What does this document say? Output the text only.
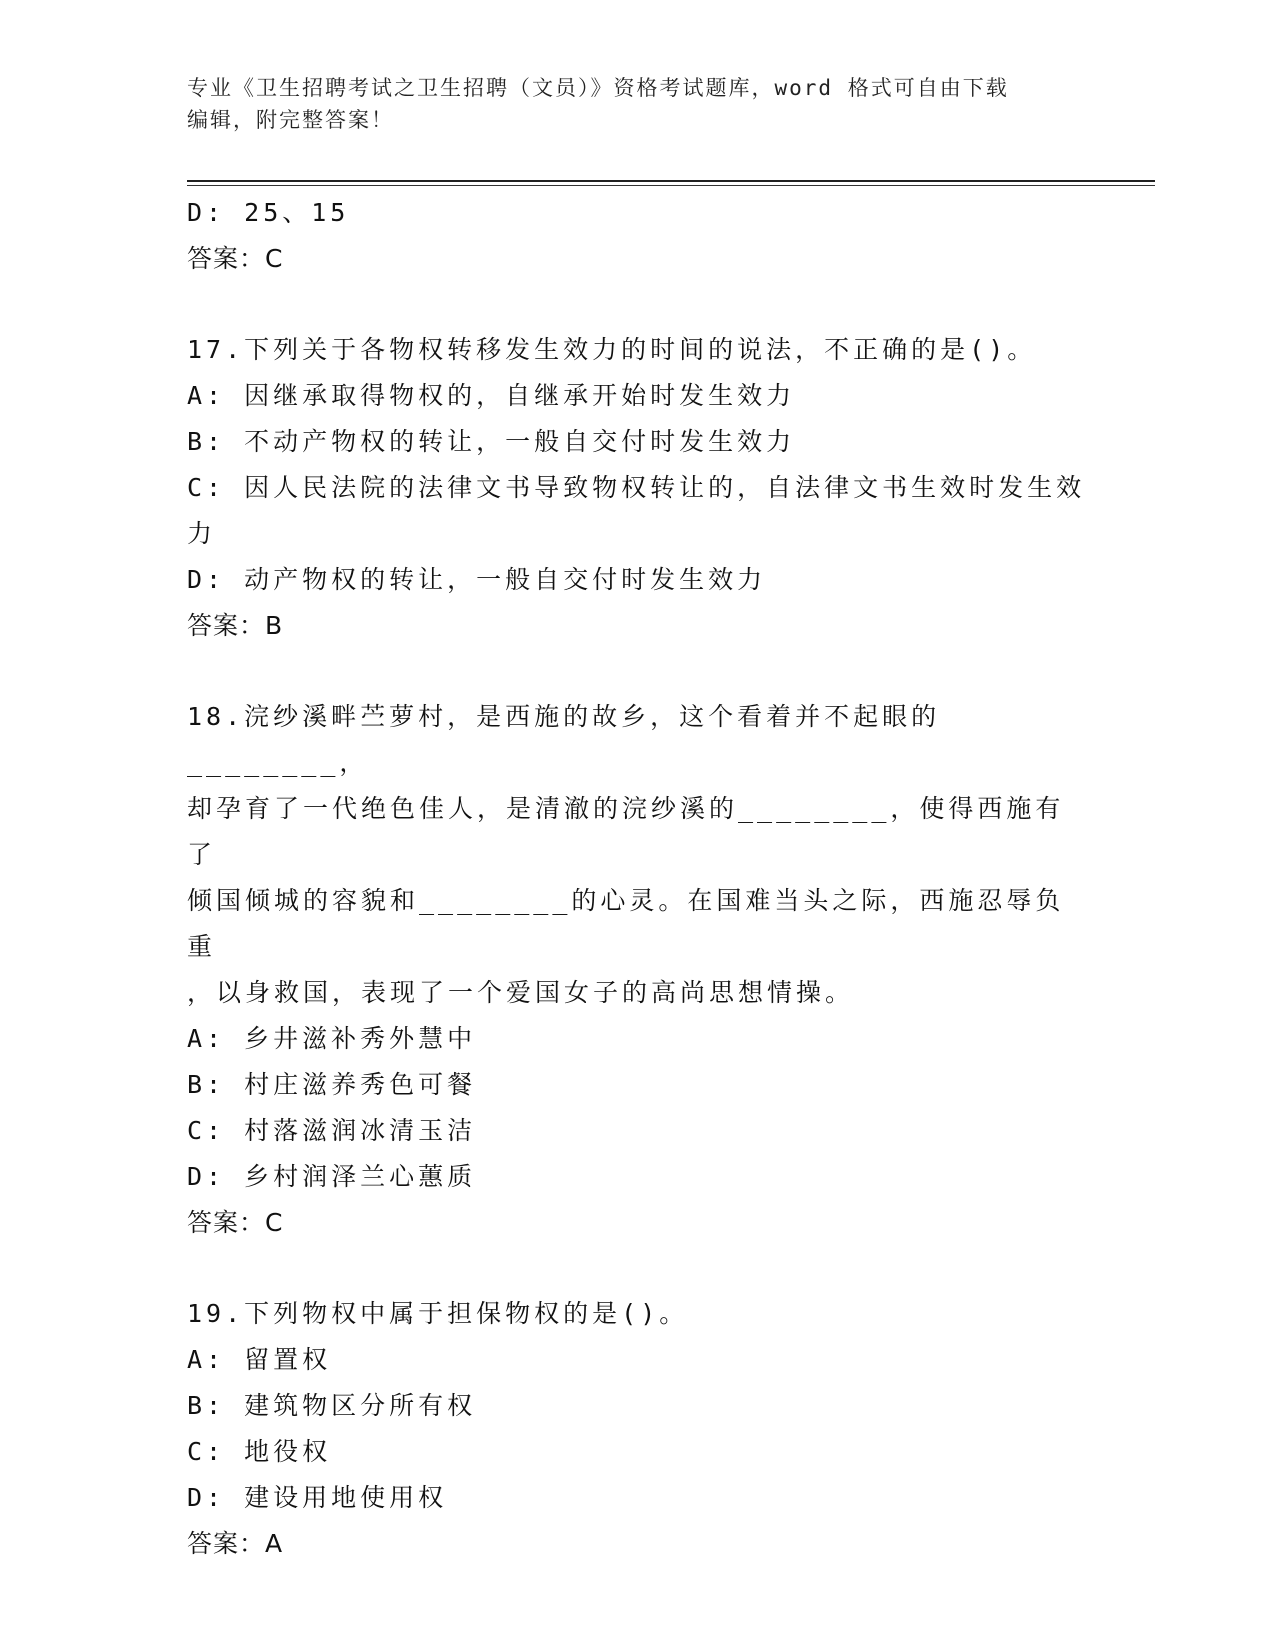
专业《卫生招聘考试之卫生招聘（文员）》资格考试题库，word 格式可自由下载
编辑，附完整答案！
D: 25、15
答案：C
17.下列关于各物权转移发生效力的时间的说法，不正确的是()。
A: 因继承取得物权的，自继承开始时发生效力
B: 不动产物权的转让，一般自交付时发生效力
C: 因人民法院的法律文书导致物权转让的，自法律文书生效时发生效
力
D: 动产物权的转让，一般自交付时发生效力
答案：B
18.浣纱溪畔苎萝村，是西施的故乡，这个看着并不起眼的________，
却孕育了一代绝色佳人，是清澈的浣纱溪的________，使得西施有了
倾国倾城的容貌和________的心灵。在国难当头之际，西施忍辱负重
，以身救国，表现了一个爱国女子的高尚思想情操。
A: 乡井滋补秀外慧中
B: 村庄滋养秀色可餐
C: 村落滋润冰清玉洁
D: 乡村润泽兰心蕙质
答案：C
19.下列物权中属于担保物权的是()。
A: 留置权
B: 建筑物区分所有权
C: 地役权
D: 建设用地使用权
答案：A
